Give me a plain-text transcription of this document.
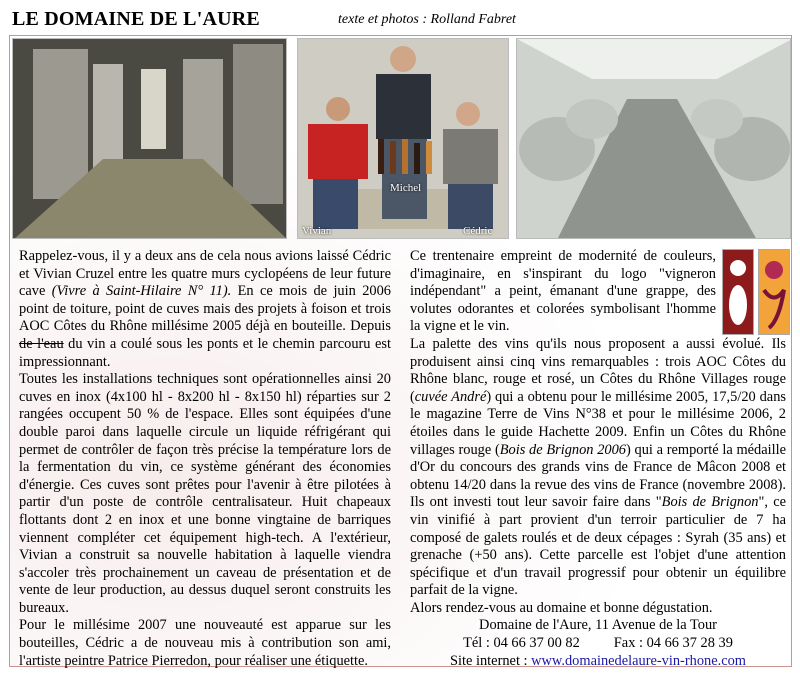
LE DOMAINE DE L'AURE	texte et photos : Rolland Fabret
Michel
Vivian	Cédric

Rappelez-vous, il y a deux ans de cela nous avions laissé Cédric et Vivian Cruzel entre les quatre murs cyclopéens de leur future cave (Vivre à Saint-Hilaire N° 11). En ce mois de juin 2006 point de toiture, point de cuves mais des projets à foison et trois AOC Côtes du Rhône millésime 2005 déjà en bouteille. Depuis de l'eau du vin a coulé sous les ponts et le chemin parcouru est impressionnant.

Toutes les installations techniques sont opérationnelles ainsi 20 cuves en inox (4x100 hl - 8x200 hl - 8x150 hl) réparties sur 2 rangées occupent 50 % de l'espace. Elles sont équipées d'une double paroi dans laquelle circule un liquide réfrigérant qui permet de contrôler de façon très précise la température lors de la fermentation du vin, ce système générant des économies d'énergie. Ces cuves sont prêtes pour l'avenir à être pilotées à partir d'un poste de contrôle centralisateur. Huit chapeaux flottants dont 2 en inox et une bonne vingtaine de barriques viennent compléter cet équipement high-tech. A l'extérieur, Vivian a construit sa nouvelle habitation à laquelle viendra s'accoler très prochainement un caveau de présentation et de vente de leur production, au dessus duquel seront construits les bureaux.

Pour le millésime 2007 une nouveauté est apparue sur les bouteilles, Cédric a de nouveau mis à contribution son ami, l'artiste peintre Patrice Pierredon, pour réaliser une étiquette.

Ce trentenaire empreint de modernité de couleurs, d'imaginaire, en s'inspirant du logo "vigneron indépendant" a peint, émanant d'une grappe, des volutes odorantes et colorées symbolisant l'homme la vigne et le vin.

La palette des vins qu'ils nous proposent a aussi évolué. Ils produisent ainsi cinq vins remarquables : trois AOC Côtes du Rhône blanc, rouge et rosé, un Côtes du Rhône Villages rouge (cuvée André) qui a obtenu pour le millésime 2005, 17,5/20 dans le magazine Terre de Vins N°38 et pour le millésime 2006, 2 étoiles dans le guide Hachette 2009. Enfin un Côtes du Rhône villages rouge (Bois de Brignon 2006) qui a remporté la médaille d'Or du concours des grands vins de France de Mâcon 2008 et obtenu 14/20 dans la revue des vins de France (novembre 2008). Ils ont investi tout leur savoir faire dans "Bois de Brignon", ce vin vinifié à part provient d'un terroir particulier de 7 ha composé de galets roulés et de deux cépages : Syrah (35 ans) et grenache (+50 ans). Cette parcelle est l'objet d'une attention spécifique et d'un travail progressif pour obtenir un équilibre parfait de la vigne.

Alors rendez-vous au domaine et bonne dégustation.

Domaine de l'Aure, 11 Avenue de la Tour

Tél : 04 66 37 00 82 Fax : 04 66 37 28 39

Site internet : www.domainedelaure-vin-rhone.com
